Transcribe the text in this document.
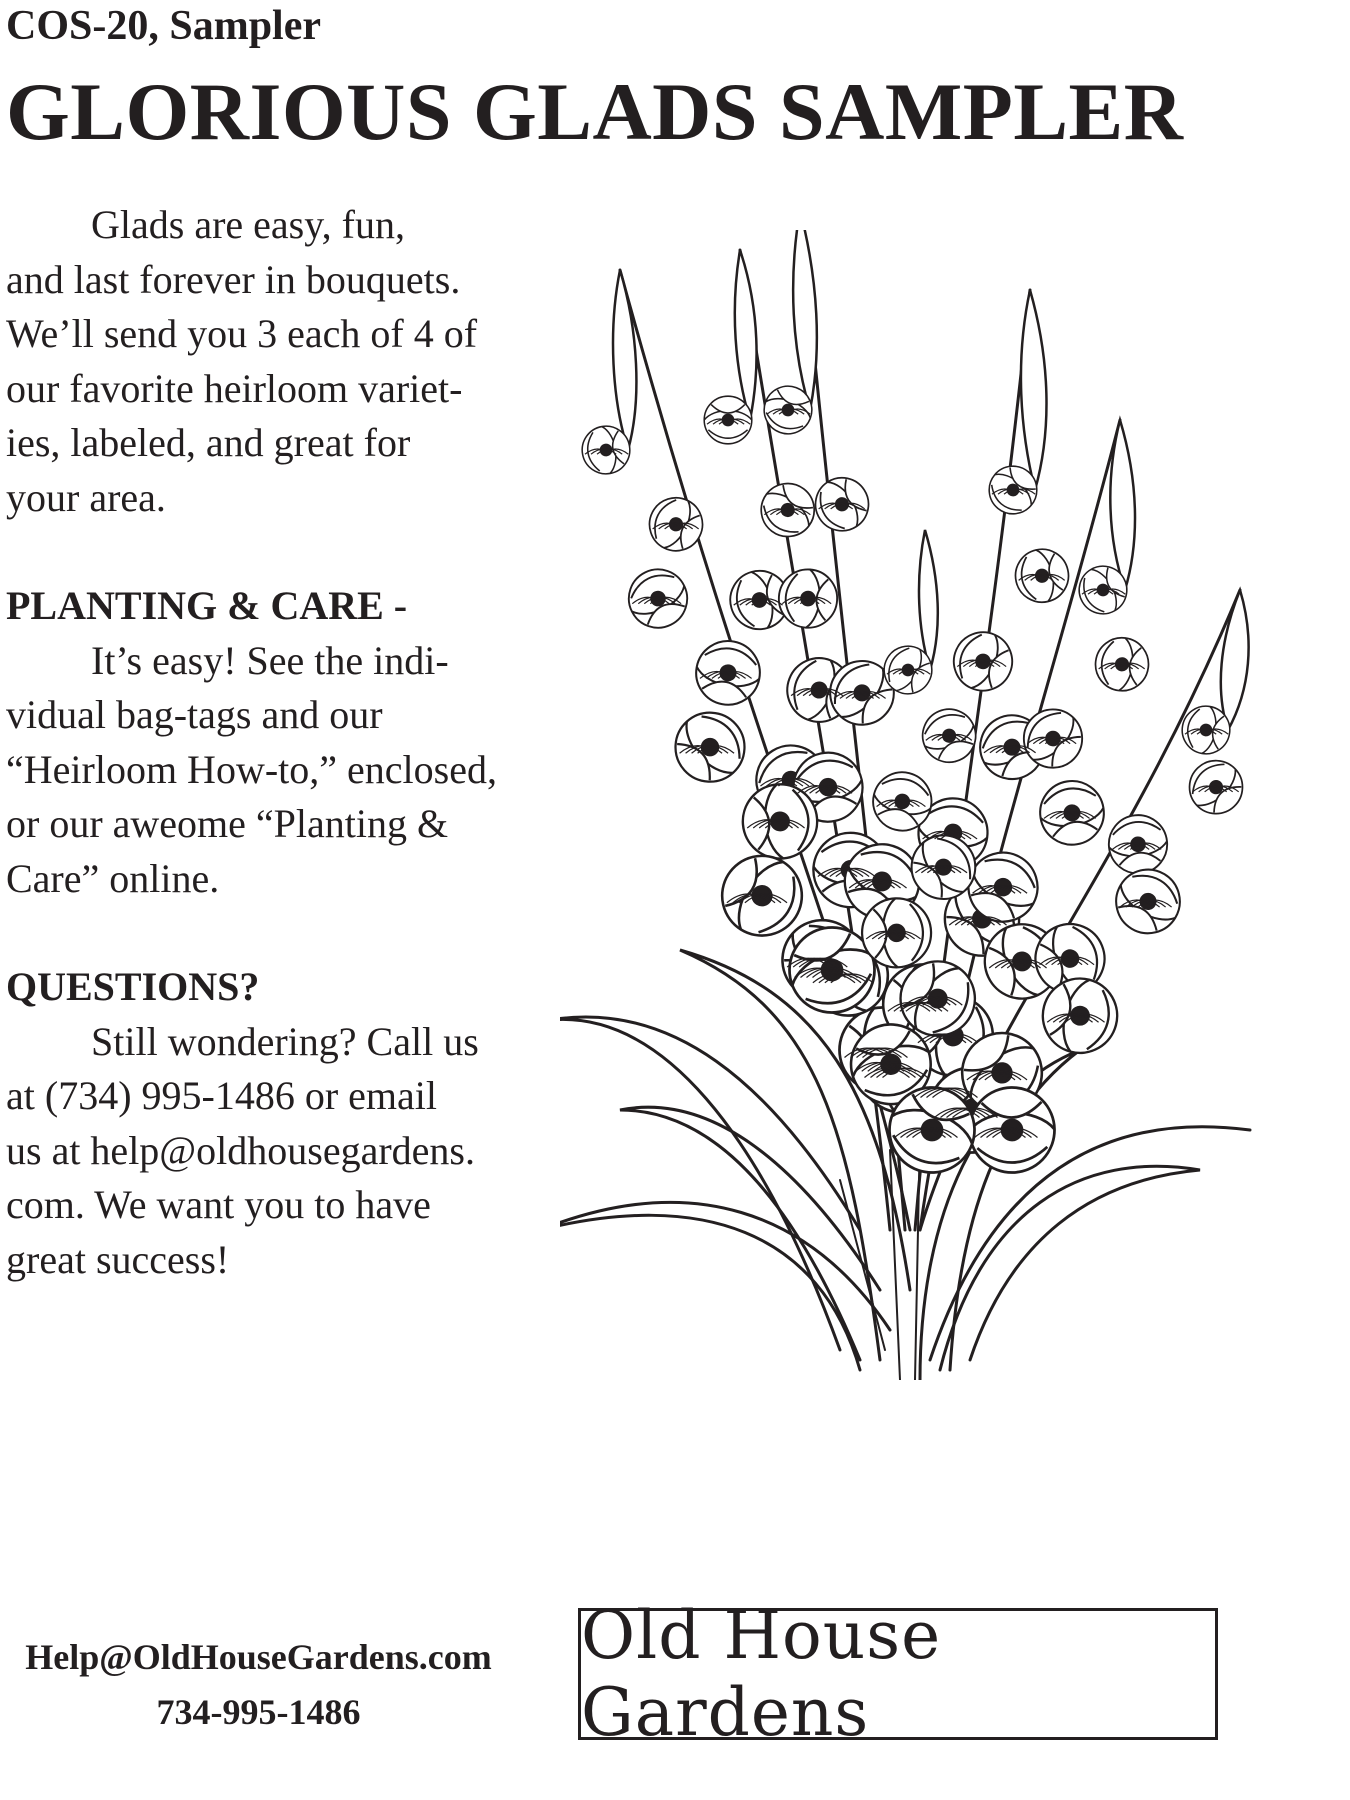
COS-20, Sampler
GLORIOUS GLADS SAMPLER

Glads are easy, fun,

and last forever in bouquets.

We’ll send you 3 each of 4 of

our favorite heirloom variet-

ies, labeled, and great for

your area.

PLANTING & CARE -

It’s easy! See the indi-

vidual bag-tags and our

“Heirloom How-to,” enclosed,

or our aweome “Planting &

Care” online.

QUESTIONS?

Still wondering? Call us

at (734) 995-1486 or email

us at help@oldhousegardens.

com. We want you to have

great success!

Help@OldHouseGardens.com
734-995-1486
Old House Gardens
